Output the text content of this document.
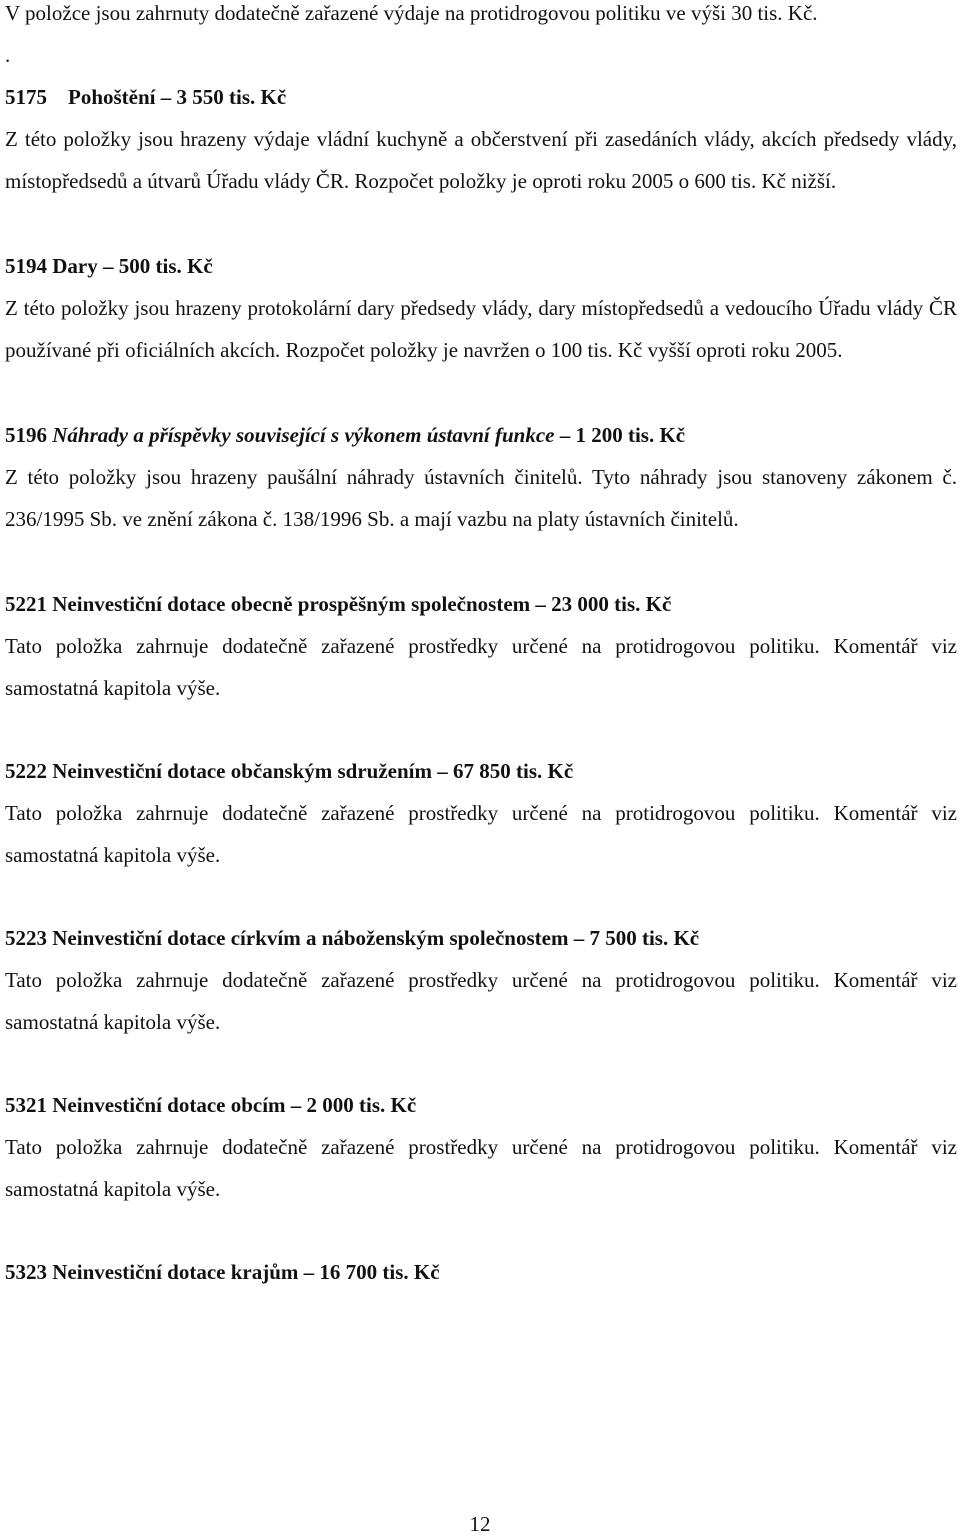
V položce jsou zahrnuty dodatečně zařazené výdaje na protidrogovou politiku ve výši 30 tis. Kč.
.
5175    Pohoštění – 3 550 tis. Kč
Z této položky jsou hrazeny výdaje vládní kuchyně a občerstvení při zasedáních vlády, akcích předsedy vlády, místopředsedů a útvarů Úřadu vlády ČR. Rozpočet položky je oproti roku 2005 o 600 tis. Kč nižší.
5194 Dary – 500 tis. Kč
Z této položky jsou hrazeny protokolární dary předsedy vlády, dary místopředsedů a vedoucího Úřadu vlády ČR používané při oficiálních akcích. Rozpočet položky je navržen o 100 tis. Kč vyšší oproti roku 2005.
5196 Náhrady a příspěvky související s výkonem ústavní funkce – 1 200 tis. Kč
Z této položky jsou hrazeny paušální náhrady ústavních činitelů. Tyto náhrady jsou stanoveny zákonem č. 236/1995 Sb. ve znění zákona č. 138/1996 Sb. a mají vazbu na platy ústavních činitelů.
5221 Neinvestiční dotace obecně prospěšným společnostem – 23 000 tis. Kč
Tato položka zahrnuje dodatečně zařazené prostředky určené na protidrogovou politiku. Komentář viz samostatná kapitola výše.
5222 Neinvestiční dotace občanským sdružením – 67 850 tis. Kč
Tato položka zahrnuje dodatečně zařazené prostředky určené na protidrogovou politiku. Komentář viz samostatná kapitola výše.
5223 Neinvestiční dotace církvím a náboženským společnostem – 7 500 tis. Kč
Tato položka zahrnuje dodatečně zařazené prostředky určené na protidrogovou politiku. Komentář viz samostatná kapitola výše.
5321 Neinvestiční dotace obcím – 2 000 tis. Kč
Tato položka zahrnuje dodatečně zařazené prostředky určené na protidrogovou politiku. Komentář viz samostatná kapitola výše.
5323 Neinvestiční dotace krajům – 16 700 tis. Kč
12
